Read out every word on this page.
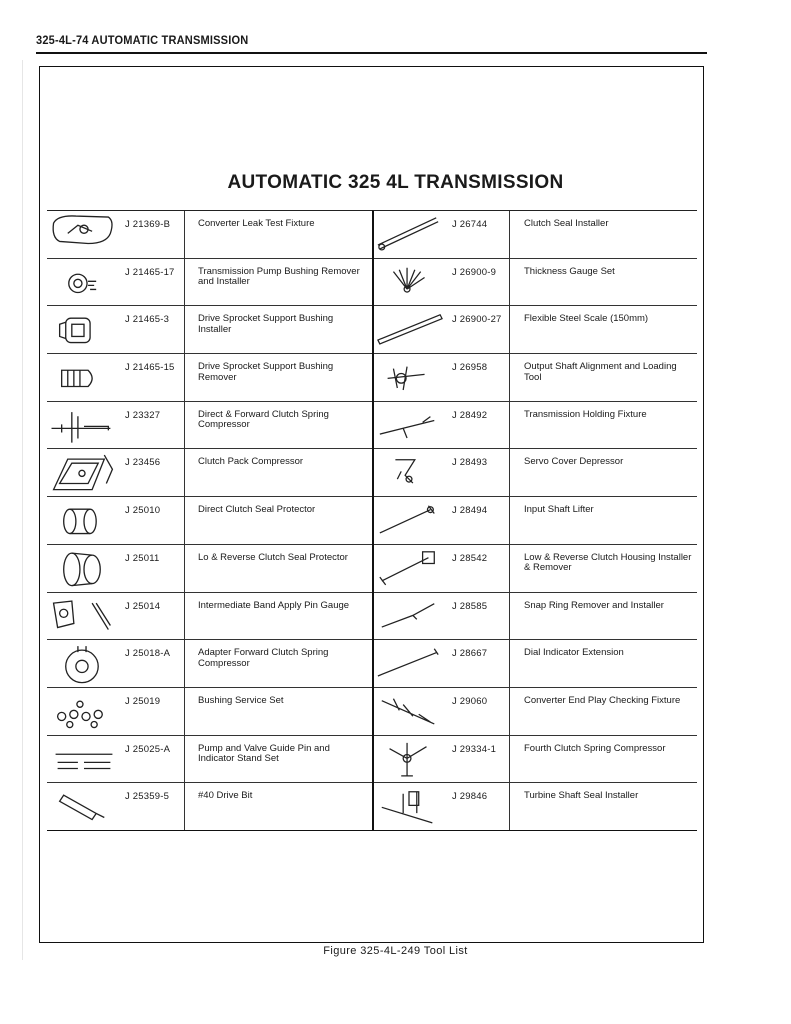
325-4L-74 AUTOMATIC TRANSMISSION
AUTOMATIC 325 4L TRANSMISSION
J 21369-B	Converter Leak Test Fixture
J 21465-17 Transmission Pump Bushing Remover and Installer
J 21465-3	Drive Sprocket Support Bushing Installer
J 21465-15 Drive Sprocket Support Bushing Remover
J 23327	Direct & Forward Clutch Spring Compressor
J 23456	Clutch Pack Compressor
J 25010	Direct Clutch Seal Protector
J 25011	Lo & Reverse Clutch Seal Protector
J 25014	Intermediate Band Apply Pin Gauge
J 25018-A	Adapter Forward Clutch Spring Compressor
J 25019	Bushing Service Set
J 25025-A	Pump and Valve Guide Pin and Indicator Stand Set
J 25359-5	#40 Drive Bit
J 26744	Clutch Seal Installer
J 26900-9	Thickness Gauge Set
J 26900-27 Flexible Steel Scale (150mm)
J 26958	Output Shaft Alignment and Loading Tool
J 28492	Transmission Holding Fixture
J 28493	Servo Cover Depressor
J 28494	Input Shaft Lifter
J 28542	Low & Reverse Clutch Housing Installer & Remover
J 28585	Snap Ring Remover and Installer
J 28667	Dial Indicator Extension
J 29060	Converter End Play Checking Fixture
J 29334-1	Fourth Clutch Spring Compressor
J 29846	Turbine Shaft Seal Installer
Figure 325-4L-249 Tool List
